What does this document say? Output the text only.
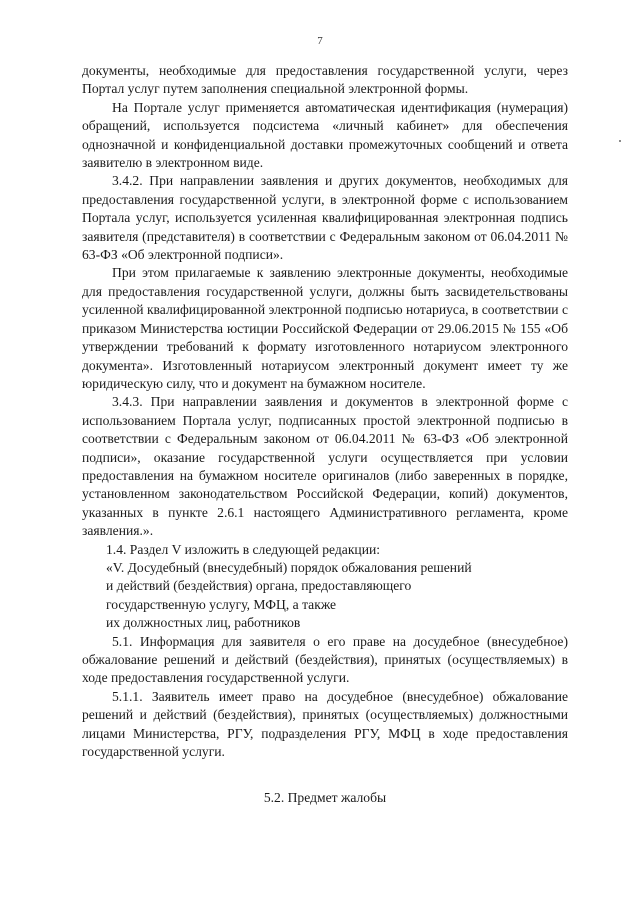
7

документы, необходимые для предоставления государственной услуги, через Портал услуг путем заполнения специальной электронной формы.

На Портале услуг применяется автоматическая идентификация (нумерация) обращений, используется подсистема «личный кабинет» для обеспечения однозначной и конфиденциальной доставки промежуточных сообщений и ответа заявителю в электронном виде.

3.4.2. При направлении заявления и других документов, необходимых для предоставления государственной услуги, в электронной форме с использованием Портала услуг, используется усиленная квалифицированная электронная подпись заявителя (представителя) в соответствии с Федеральным законом от 06.04.2011 № 63-ФЗ «Об электронной подписи».

При этом прилагаемые к заявлению электронные документы, необходимые для предоставления государственной услуги, должны быть засвидетельствованы усиленной квалифицированной электронной подписью нотариуса, в соответствии с приказом Министерства юстиции Российской Федерации от 29.06.2015 № 155 «Об утверждении требований к формату изготовленного нотариусом электронного документа». Изготовленный нотариусом электронный документ имеет ту же юридическую силу, что и документ на бумажном носителе.

3.4.3. При направлении заявления и документов в электронной форме с использованием Портала услуг, подписанных простой электронной подписью в соответствии с Федеральным законом от 06.04.2011 № 63-ФЗ «Об электронной подписи», оказание государственной услуги осуществляется при условии предоставления на бумажном носителе оригиналов (либо заверенных в порядке, установленном законодательством Российской Федерации, копий) документов, указанных в пункте 2.6.1 настоящего Административного регламента, кроме заявления.».

1.4. Раздел V изложить в следующей редакции:

«V. Досудебный (внесудебный) порядок обжалования решений

и действий (бездействия) органа, предоставляющего

государственную услугу, МФЦ, а также

их должностных лиц, работников

5.1. Информация для заявителя о его праве на досудебное (внесудебное) обжалование решений и действий (бездействия), принятых (осуществляемых) в ходе предоставления государственной услуги.

5.1.1. Заявитель имеет право на досудебное (внесудебное) обжалование решений и действий (бездействия), принятых (осуществляемых) должностными лицами Министерства, РГУ, подразделения РГУ, МФЦ в ходе предоставления государственной услуги.

5.2. Предмет жалобы
